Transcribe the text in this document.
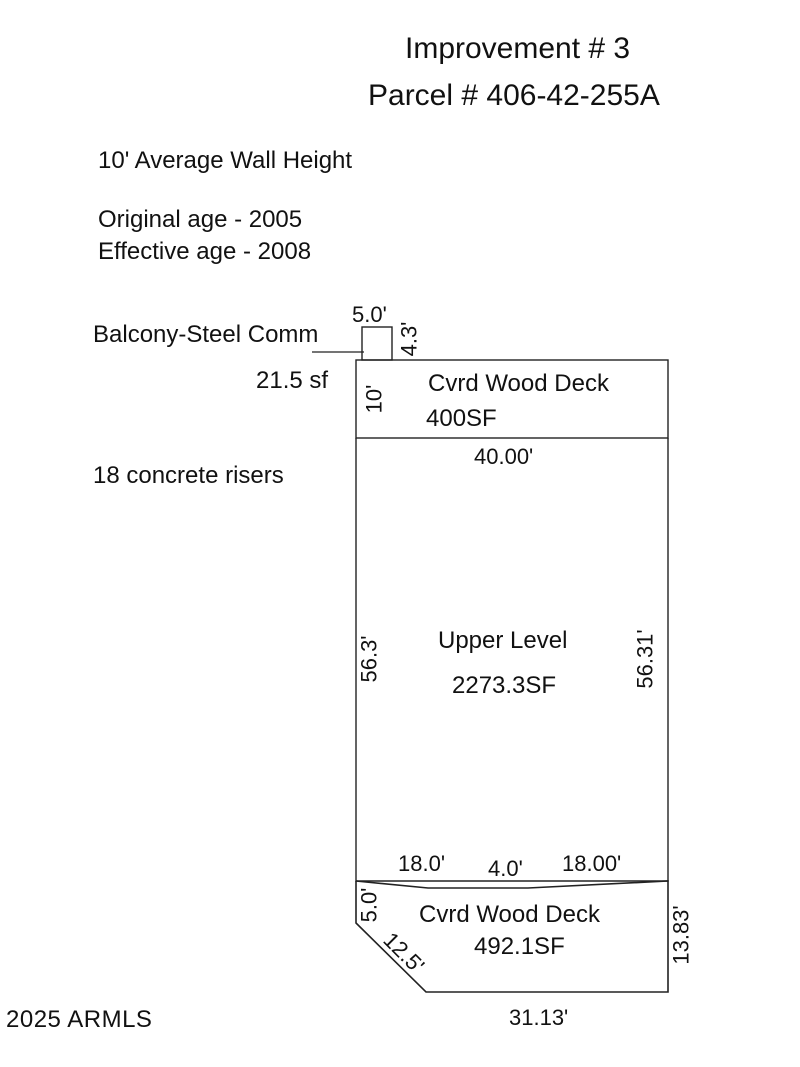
Improvement # 3
Parcel # 406-42-255A
10' Average Wall Height
Original age - 2005
Effective age - 2008
18 concrete risers
Balcony-Steel Comm
21.5 sf
5.0'
4.3'
Cvrd Wood Deck
400SF
10'
40.00'
Upper Level
2273.3SF
56.3'	56.31'
18.0' 4.0' 18.00'
Cvrd Wood Deck
492.1SF
5.0'
12.5'	13.83'
31.13'
2025 ARMLS
